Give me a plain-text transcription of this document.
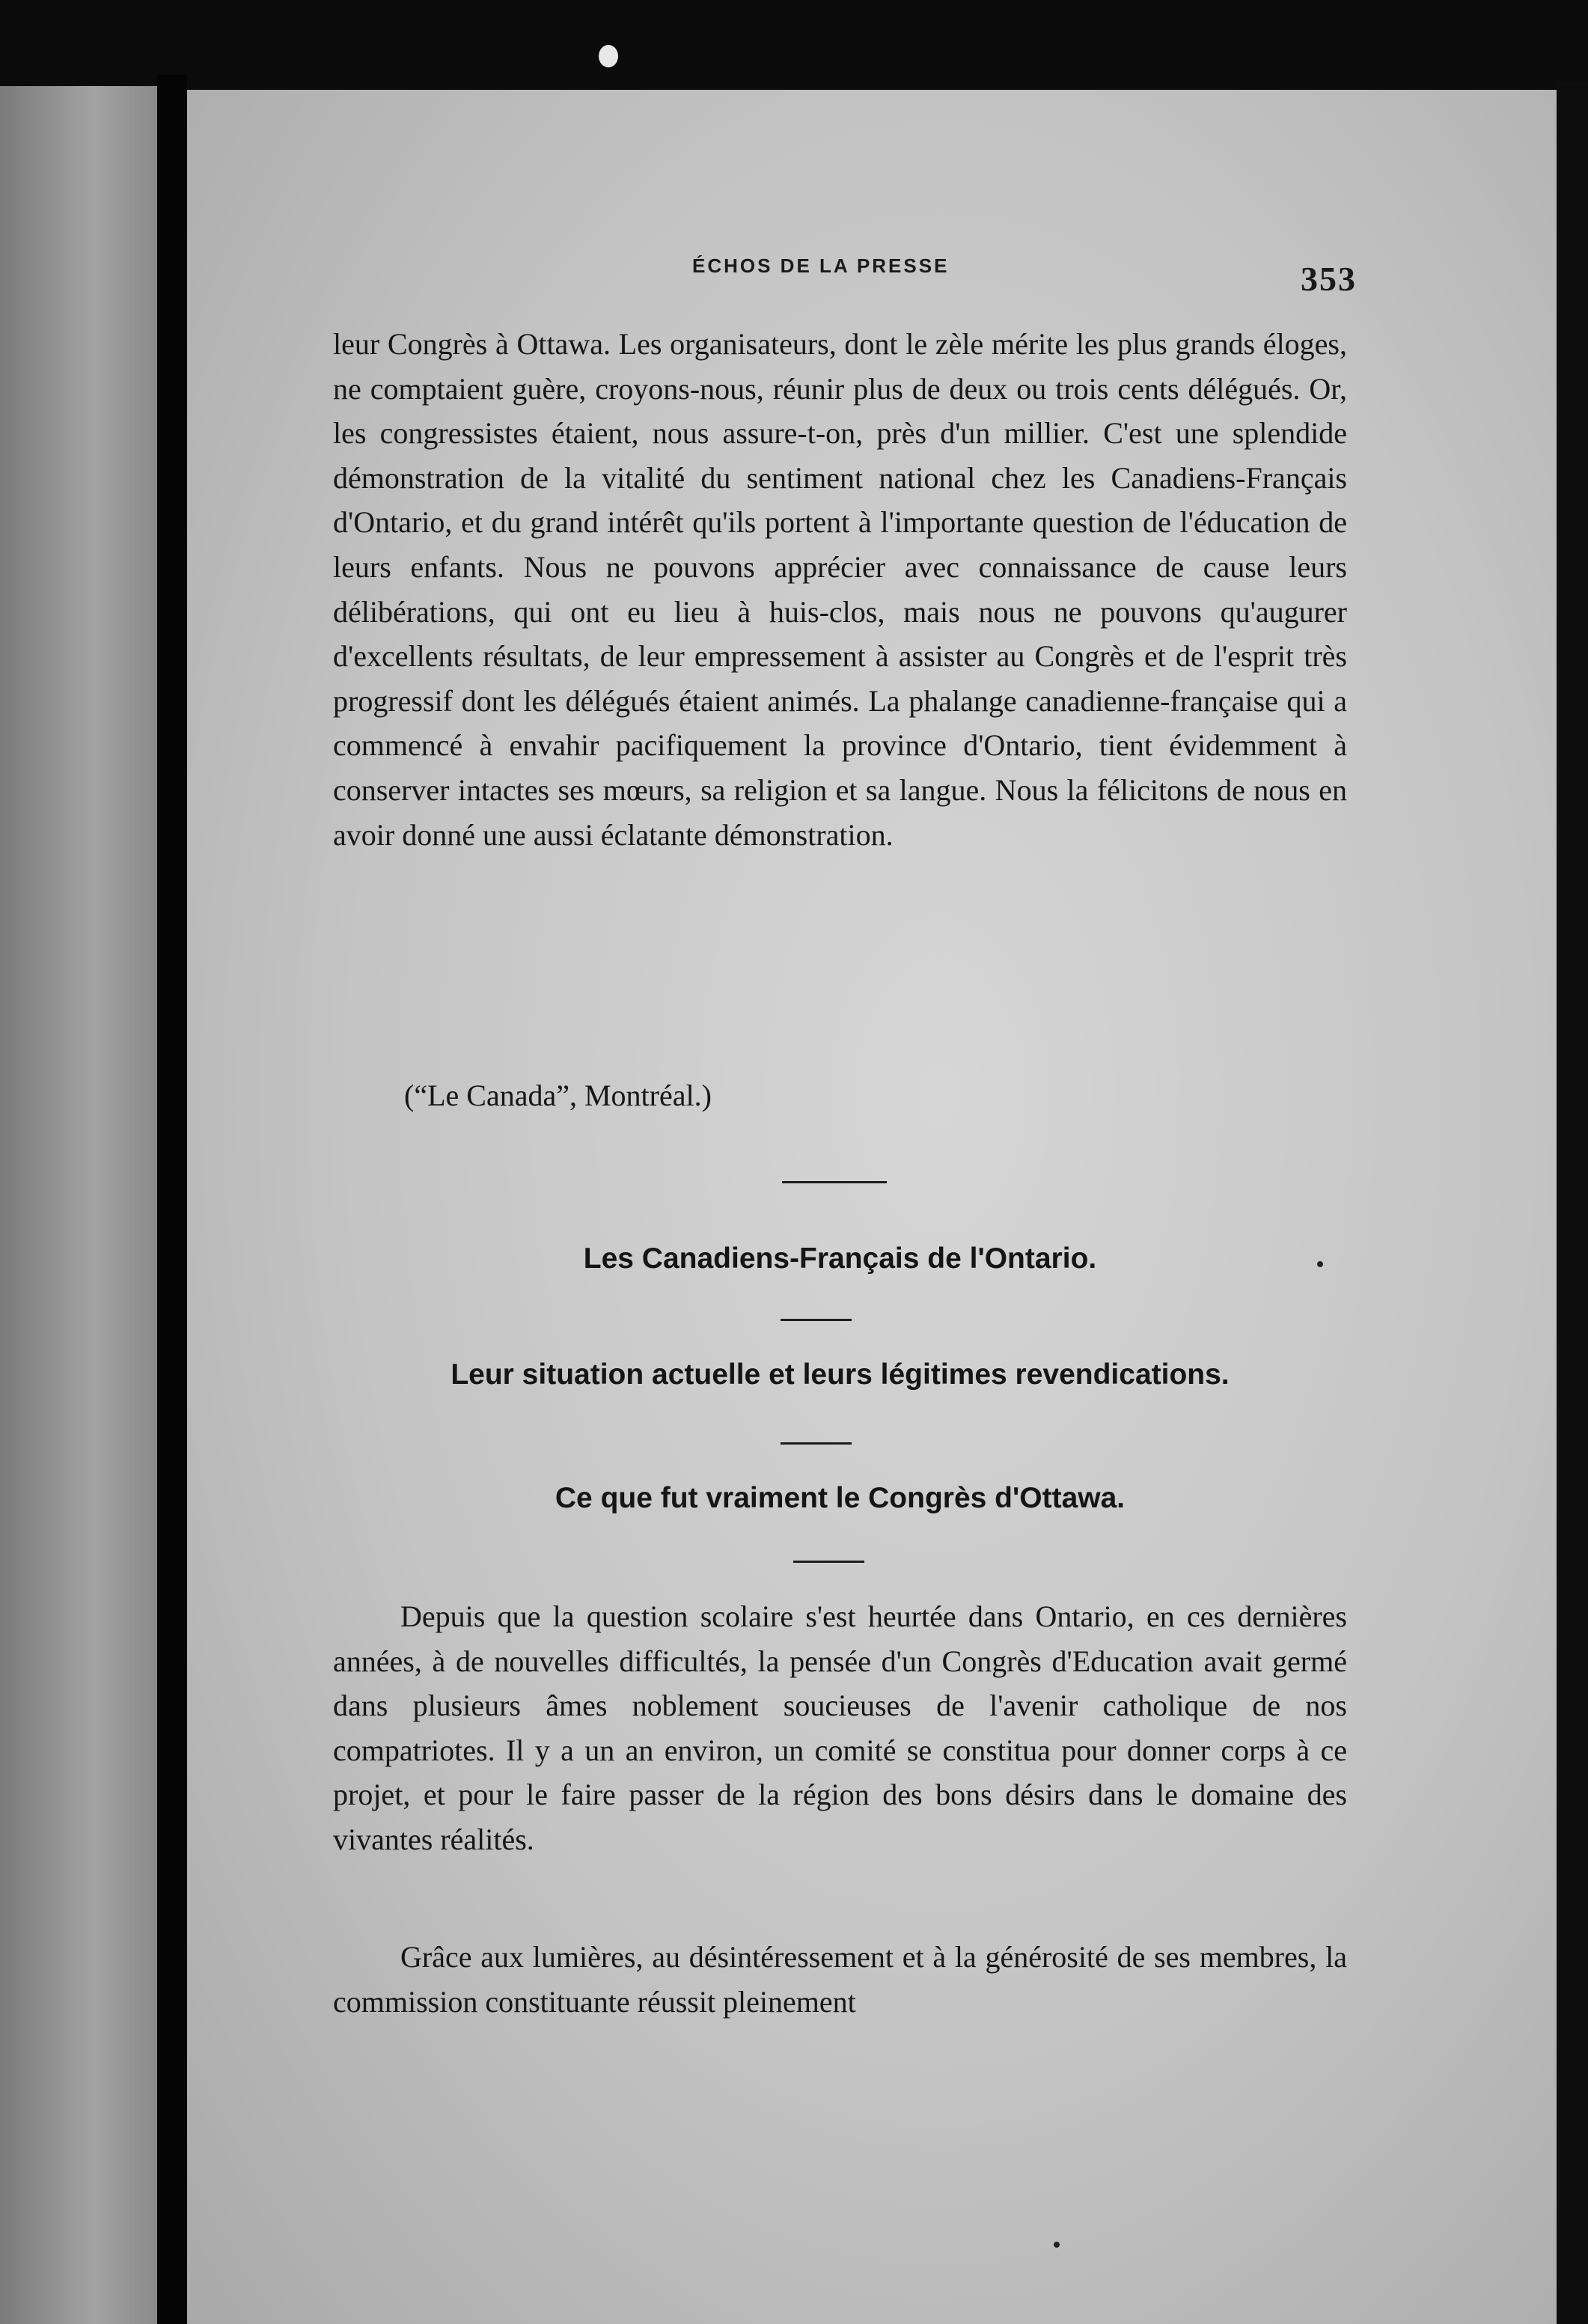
ÉCHOS DE LA PRESSE	353

leur Congrès à Ottawa. Les organisateurs, dont le zèle mérite les plus grands éloges, ne comptaient guère, croyons-nous, réunir plus de deux ou trois cents délégués. Or, les congressistes étaient, nous assure-t-on, près d'un millier. C'est une splendide démonstration de la vitalité du sentiment national chez les Canadiens-Français d'Ontario, et du grand intérêt qu'ils portent à l'importante question de l'éducation de leurs enfants. Nous ne pouvons apprécier avec connaissance de cause leurs délibérations, qui ont eu lieu à huis-clos, mais nous ne pouvons qu'augurer d'excellents résultats, de leur empressement à assister au Congrès et de l'esprit très progressif dont les délégués étaient animés. La phalange canadienne-française qui a commencé à envahir pacifiquement la province d'Ontario, tient évidemment à conserver intactes ses mœurs, sa religion et sa langue. Nous la félicitons de nous en avoir donné une aussi éclatante démonstration.

(“Le Canada”, Montréal.)
Les Canadiens-Français de l'Ontario.
Leur situation actuelle et leurs légitimes revendications.
Ce que fut vraiment le Congrès d'Ottawa.

Depuis que la question scolaire s'est heurtée dans Ontario, en ces dernières années, à de nouvelles difficultés, la pensée d'un Congrès d'Education avait germé dans plusieurs âmes noblement soucieuses de l'avenir catholique de nos compatriotes. Il y a un an environ, un comité se constitua pour donner corps à ce projet, et pour le faire passer de la région des bons désirs dans le domaine des vivantes réalités.

Grâce aux lumières, au désintéressement et à la générosité de ses membres, la commission constituante réussit pleinement
